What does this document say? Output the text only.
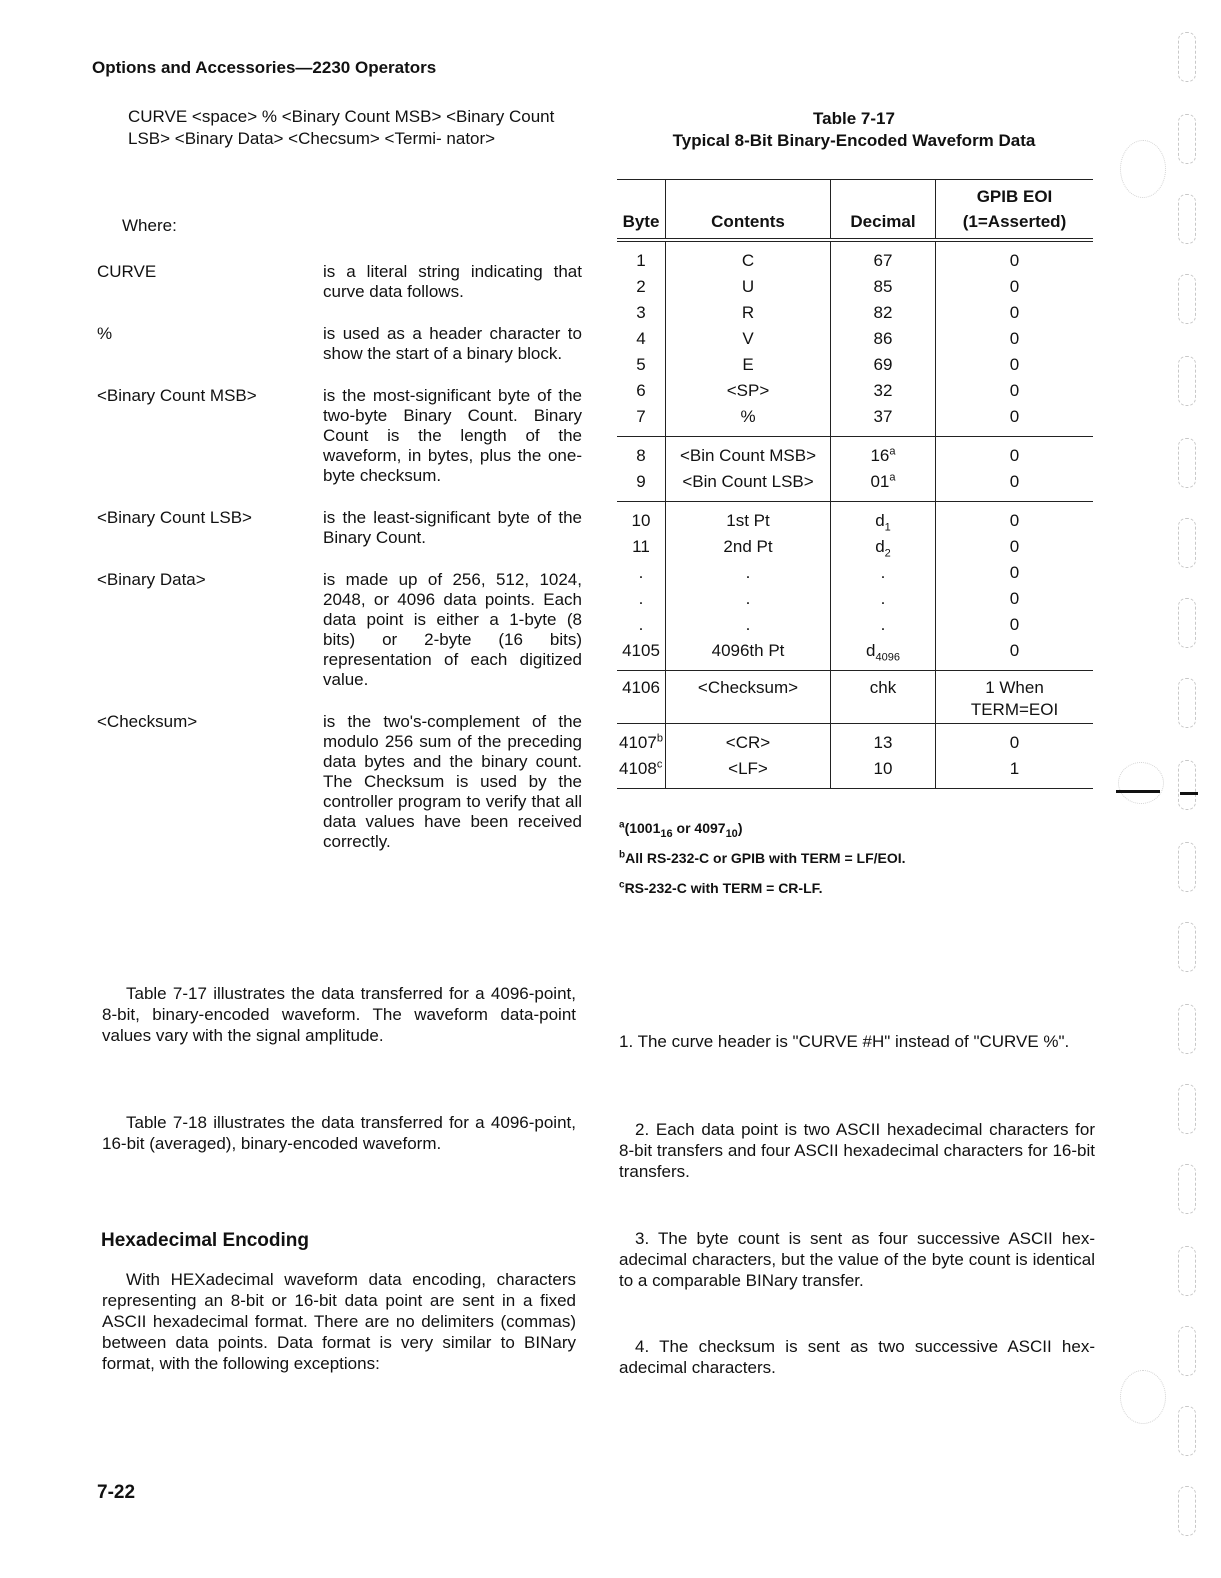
Options and Accessories—2230 Operators
CURVE <space> % <Binary Count MSB> <Binary Count LSB> <Binary Data> <Checsum> <Termi- nator>
Where:
CURVE	is a literal string indicating that curve data follows.
%	is used as a header character to show the start of a binary block.
<Binary Count MSB>	is the most-significant byte of the two-byte Binary Count. Binary Count is the length of the waveform, in bytes, plus the one-byte checksum.
<Binary Count LSB>	is the least-significant byte of the Binary Count.
<Binary Data>	is made up of 256, 512, 1024, 2048, or 4096 data points. Each data point is either a 1-byte (8 bits) or 2-byte (16 bits) representation of each digitized value.
<Checksum>	is the two's-complement of the modulo 256 sum of the preceding data bytes and the binary count. The Checksum is used by the controller program to verify that all data values have been received correctly.
Table 7-17 illustrates the data transferred for a 4096-point, 8-bit, binary-encoded waveform. The waveform data-point values vary with the signal amplitude.
Table 7-18 illustrates the data transferred for a 4096-point, 16-bit (averaged), binary-encoded waveform.
Hexadecimal Encoding
With HEXadecimal waveform data encoding, characters representing an 8-bit or 16-bit data point are sent in a fixed ASCII hexadecimal format. There are no delimiters (commas) between data points. Data format is very similar to BINary format, with the following exceptions:
Table 7-17
Typical 8-Bit Binary-Encoded Waveform Data
Byte	Contents	Decimal	GPIB EOI
(1=Asserted)

1	C	67	0
2	U	85	0
3	R	82	0
4	V	86	0
5	E	69	0
6	<SP>	32	0
7	%	37	0
8	<Bin Count MSB>	$16^a$	0
9	<Bin Count LSB>	$01^a$	0
10	1st Pt	$d_1$	0
11	2nd Pt	$d_2$	0
.	.	.	0
.	.	.	0
.	.	.	0
4105	4096th Pt	$d_{4096}$	0
4106	<Checksum>	chk	1 When
TERM=EOI

$4107^b$	<CR>	13	0
$4108^c$	<LF>	10	1
$^a(1001_{16}$ or $4097_{10}$)
$^b$All RS-232-C or GPIB with TERM = LF/EOI.
$^c$RS-232-C with TERM = CR-LF.
1. The curve header is "CURVE #H" instead of "CURVE %".
2. Each data point is two ASCII hexadecimal characters for 8-bit transfers and four ASCII hexadecimal characters for 16-bit transfers.
3. The byte count is sent as four successive ASCII hex- adecimal characters, but the value of the byte count is identical to a comparable BINary transfer.
4. The checksum is sent as two successive ASCII hex- adecimal characters.
7-22
